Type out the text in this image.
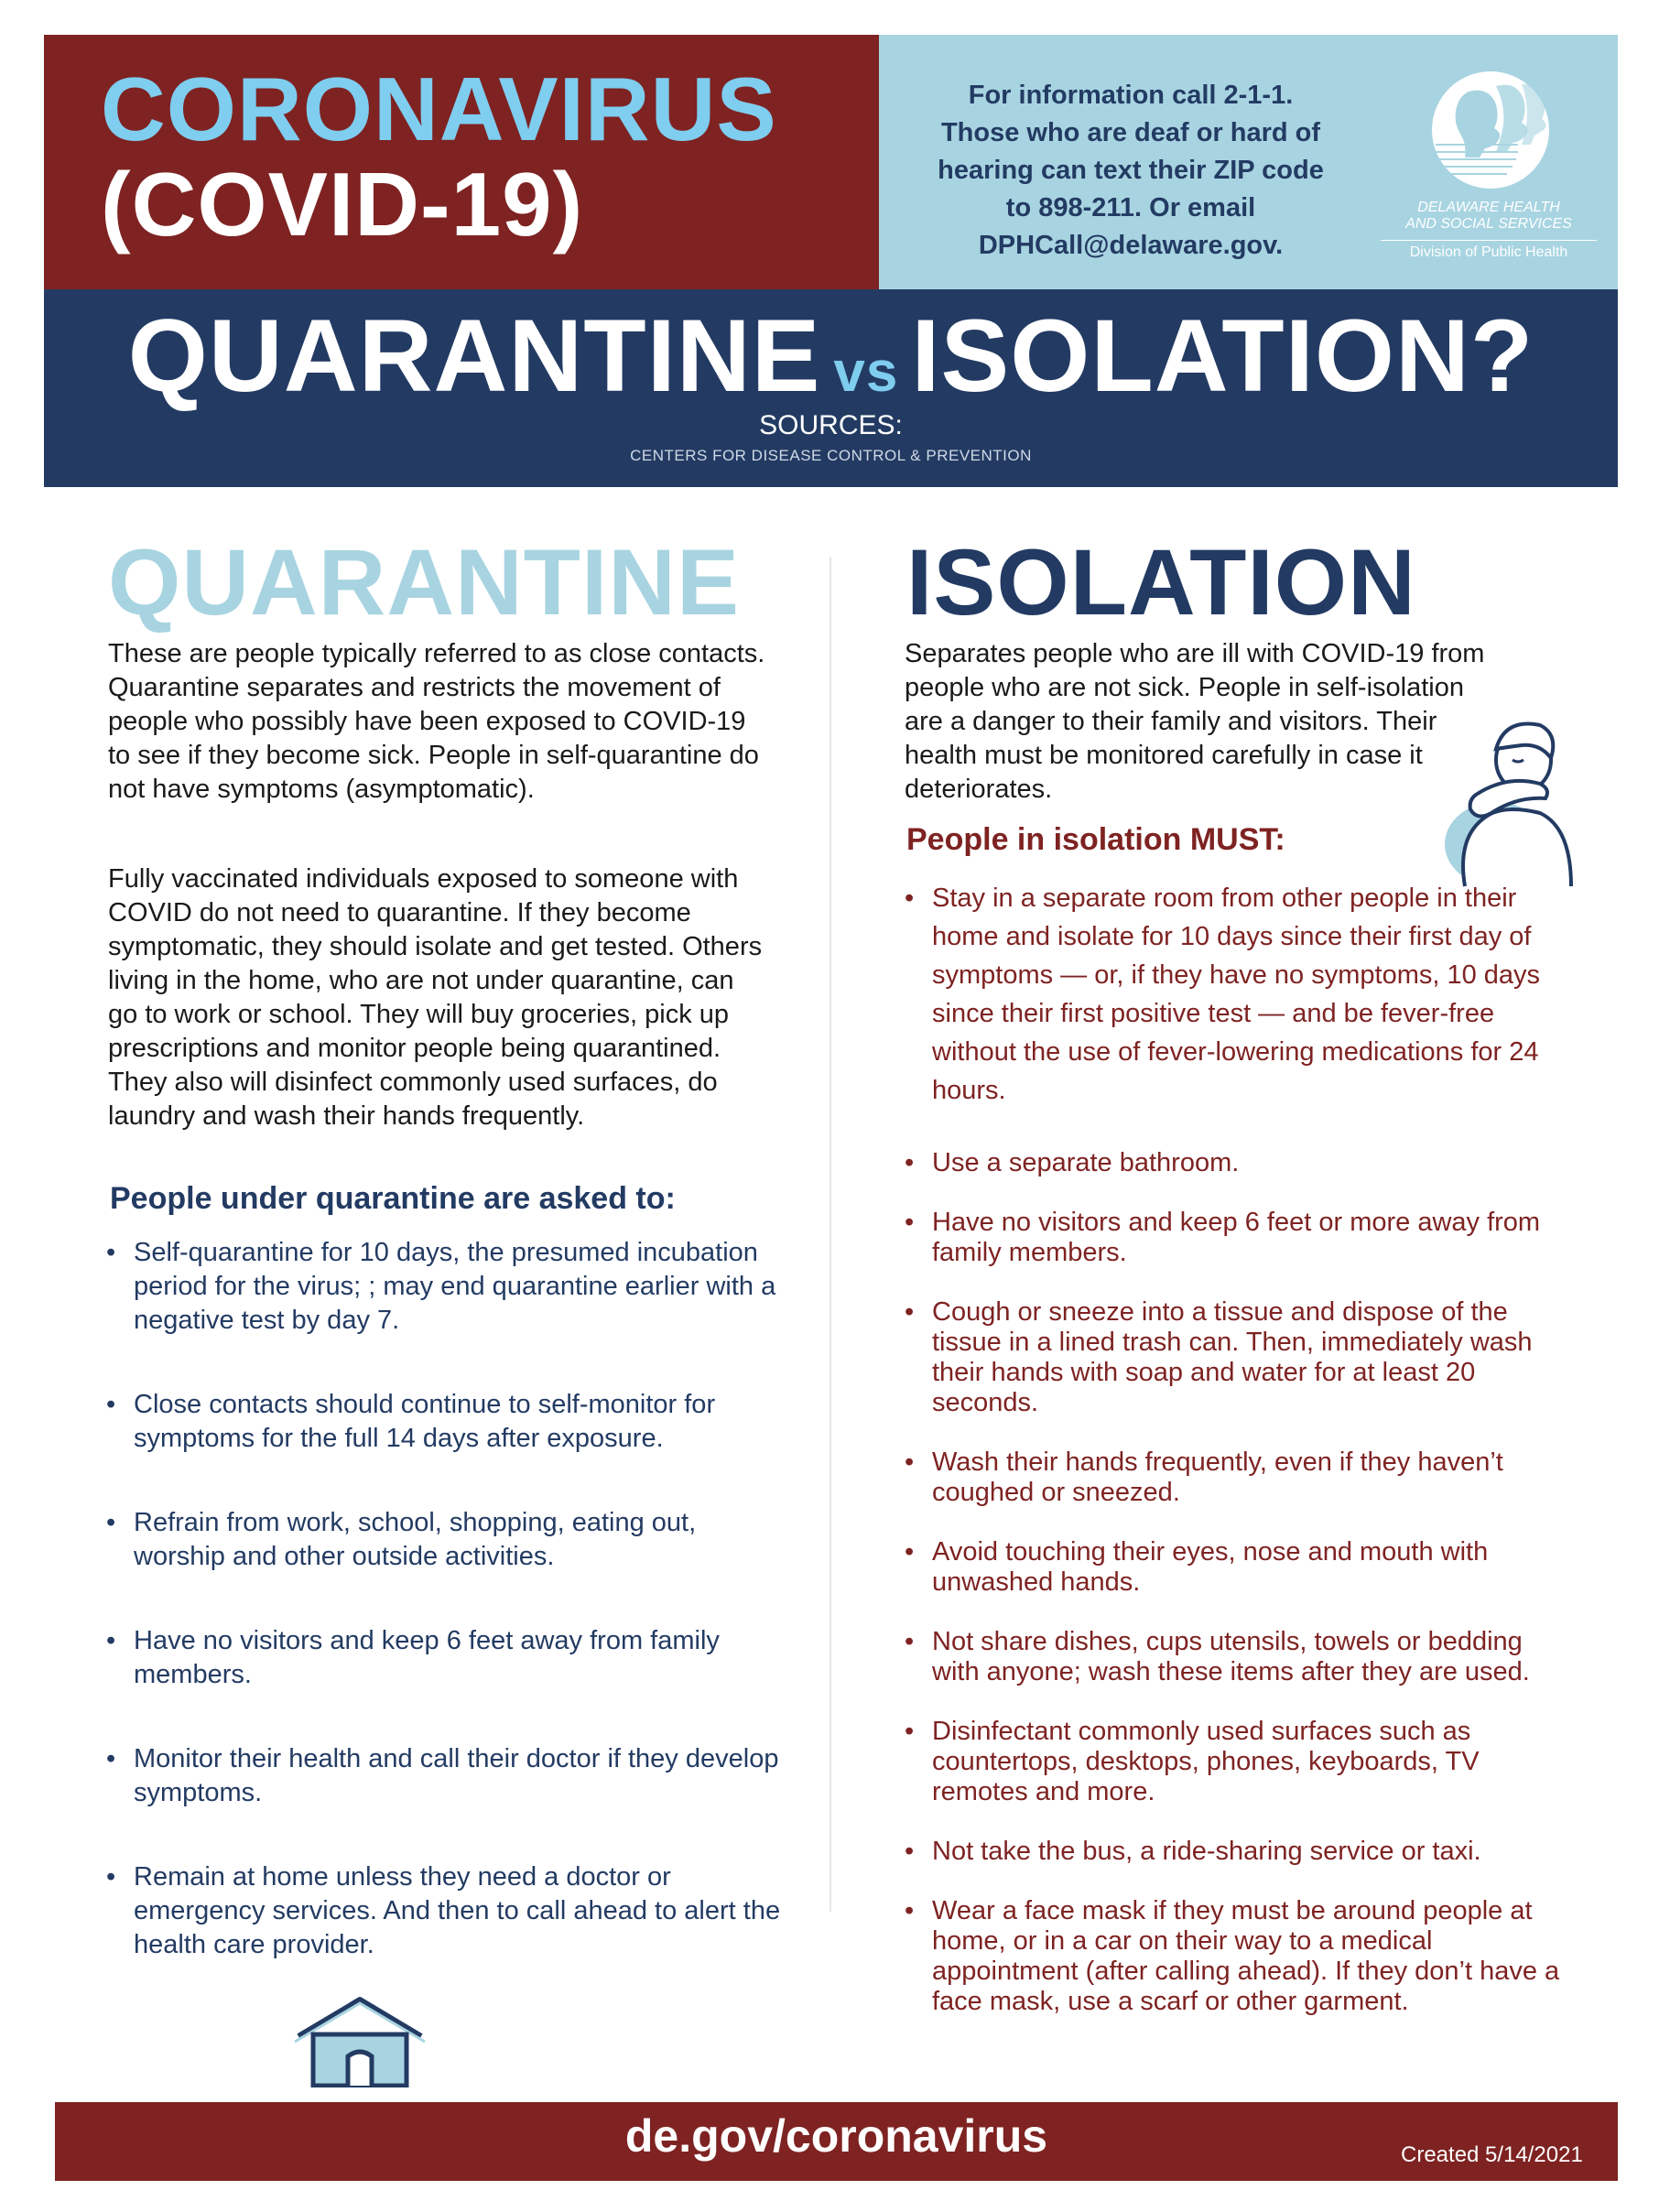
CORONAVIRUS
(COVID-19)
For information call 2-1-1.
Those who are deaf or hard of
hearing can text their ZIP code
to 898-211. Or email
DPHCall@delaware.gov.
DELAWARE HEALTH
AND SOCIAL SERVICES
Division of Public Health
QUARANTINE vs ISOLATION?
SOURCES:
CENTERS FOR DISEASE CONTROL & PREVENTION
QUARANTINE ISOLATION
These are people typically referred to as close contacts. Quarantine separates and restricts the movement of people who possibly have been exposed to COVID-19 to see if they become sick. People in self-quarantine do not have symptoms (asymptomatic).
Fully vaccinated individuals exposed to someone with COVID do not need to quarantine. If they become symptomatic, they should isolate and get tested. Others living in the home, who are not under quarantine, can go to work or school. They will buy groceries, pick up prescriptions and monitor people being quarantined. They also will disinfect commonly used surfaces, do laundry and wash their hands frequently.
People under quarantine are asked to:
• Self-quarantine for 10 days, the presumed incubation period for the virus; ; may end quarantine earlier with a negative test by day 7.
• Close contacts should continue to self-monitor for symptoms for the full 14 days after exposure.
• Refrain from work, school, shopping, eating out, worship and other outside activities.
• Have no visitors and keep 6 feet away from family members.
• Monitor their health and call their doctor if they develop symptoms.
• Remain at home unless they need a doctor or emergency services. And then to call ahead to alert the health care provider.
Separates people who are ill with COVID-19 from people who are not sick. People in self-isolation are a danger to their family and visitors. Their health must be monitored carefully in case it deteriorates.
People in isolation MUST:
• Stay in a separate room from other people in their home and isolate for 10 days since their first day of symptoms — or, if they have no symptoms, 10 days since their first positive test — and be fever-free without the use of fever-lowering medications for 24 hours.
• Use a separate bathroom.
• Have no visitors and keep 6 feet or more away from family members.
• Cough or sneeze into a tissue and dispose of the tissue in a lined trash can. Then, immediately wash their hands with soap and water for at least 20 seconds.
• Wash their hands frequently, even if they haven’t coughed or sneezed.
• Avoid touching their eyes, nose and mouth with unwashed hands.
• Not share dishes, cups utensils, towels or bedding with anyone; wash these items after they are used.
• Disinfectant commonly used surfaces such as countertops, desktops, phones, keyboards, TV remotes and more.
• Not take the bus, a ride-sharing service or taxi.
• Wear a face mask if they must be around people at home, or in a car on their way to a medical appointment (after calling ahead). If they don’t have a face mask, use a scarf or other garment.
de.gov/coronavirus	Created 5/14/2021
